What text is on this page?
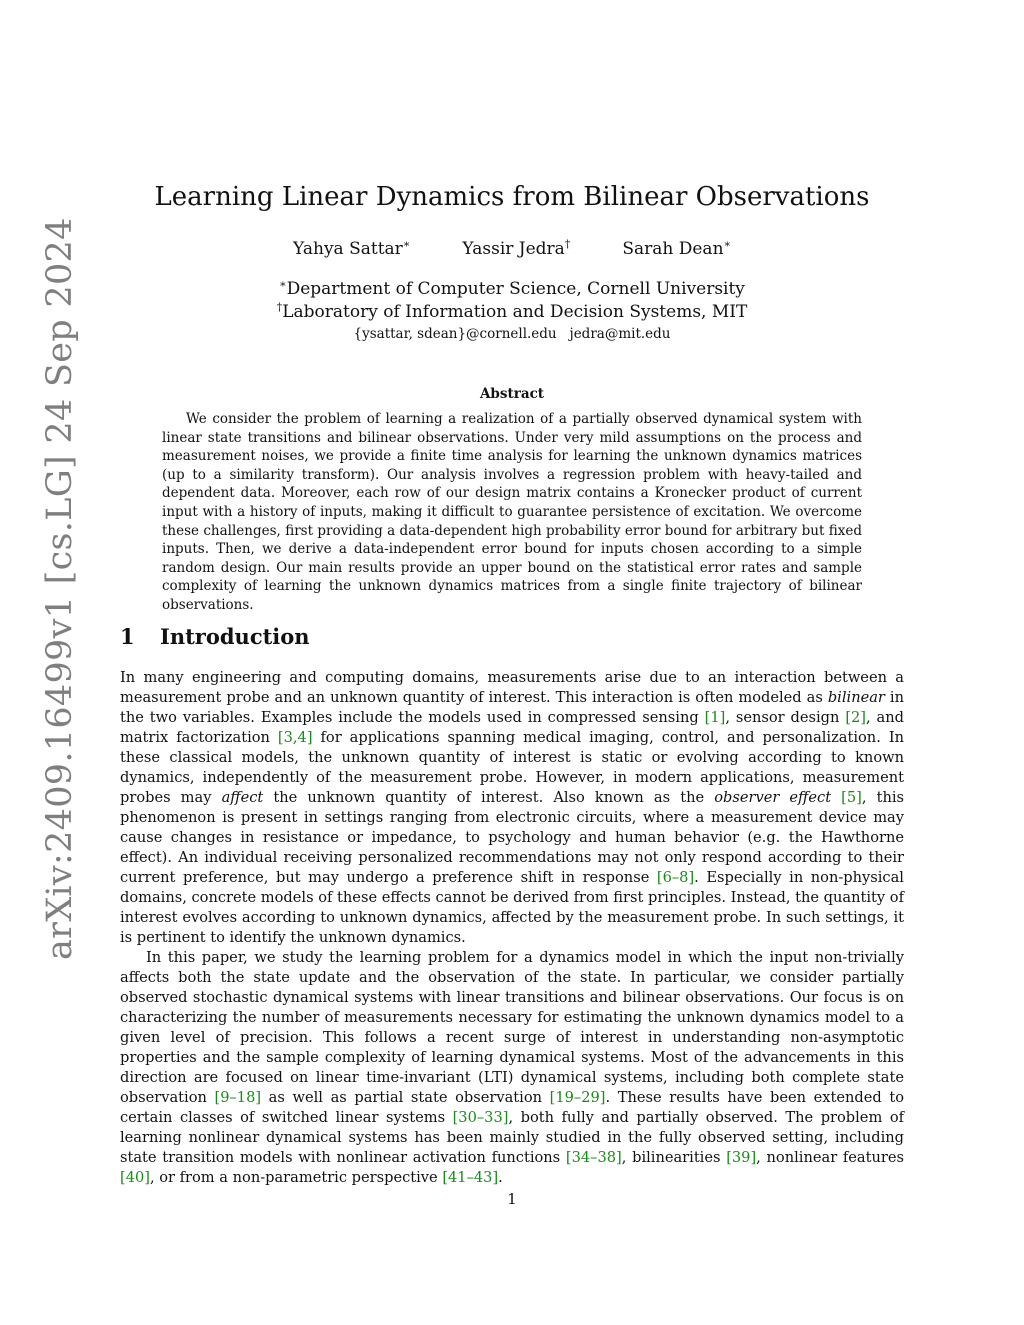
arXiv:2409.16499v1 [cs.LG] 24 Sep 2024
Learning Linear Dynamics from Bilinear Observations
Yahya Sattar∗	Yassir Jedra†	Sarah Dean∗
∗Department of Computer Science, Cornell University
†Laboratory of Information and Decision Systems, MIT
{ysattar, sdean}@cornell.edu   jedra@mit.edu
Abstract

We consider the problem of learning a realization of a partially observed dynamical system with linear state transitions and bilinear observations. Under very mild assumptions on the process and measurement noises, we provide a finite time analysis for learning the unknown dynamics matrices (up to a similarity transform). Our analysis involves a regression problem with heavy-tailed and dependent data. Moreover, each row of our design matrix contains a Kronecker product of current input with a history of inputs, making it difficult to guarantee persistence of excitation. We overcome these challenges, first providing a data-dependent high probability error bound for arbitrary but fixed inputs. Then, we derive a data-independent error bound for inputs chosen according to a simple random design. Our main results provide an upper bound on the statistical error rates and sample complexity of learning the unknown dynamics matrices from a single finite trajectory of bilinear observations.

1 Introduction

In many engineering and computing domains, measurements arise due to an interaction between a measurement probe and an unknown quantity of interest. This interaction is often modeled as bilinear in the two variables. Examples include the models used in compressed sensing [1], sensor design [2], and matrix factorization [3,4] for applications spanning medical imaging, control, and personalization. In these classical models, the unknown quantity of interest is static or evolving according to known dynamics, independently of the measurement probe. However, in modern applications, measurement probes may affect the unknown quantity of interest. Also known as the observer effect [5], this phenomenon is present in settings ranging from electronic circuits, where a measurement device may cause changes in resistance or impedance, to psychology and human behavior (e.g. the Hawthorne effect). An individual receiving personalized recommendations may not only respond according to their current preference, but may undergo a preference shift in response [6–8]. Especially in non-physical domains, concrete models of these effects cannot be derived from first principles. Instead, the quantity of interest evolves according to unknown dynamics, affected by the measurement probe. In such settings, it is pertinent to identify the unknown dynamics.

In this paper, we study the learning problem for a dynamics model in which the input non-trivially affects both the state update and the observation of the state. In particular, we consider partially observed stochastic dynamical systems with linear transitions and bilinear observations. Our focus is on characterizing the number of measurements necessary for estimating the unknown dynamics model to a given level of precision. This follows a recent surge of interest in understanding non-asymptotic properties and the sample complexity of learning dynamical systems. Most of the advancements in this direction are focused on linear time-invariant (LTI) dynamical systems, including both complete state observation [9–18] as well as partial state observation [19–29]. These results have been extended to certain classes of switched linear systems [30–33], both fully and partially observed. The problem of learning nonlinear dynamical systems has been mainly studied in the fully observed setting, including state transition models with nonlinear activation functions [34–38], bilinearities [39], nonlinear features [40], or from a non-parametric perspective [41–43].

1
